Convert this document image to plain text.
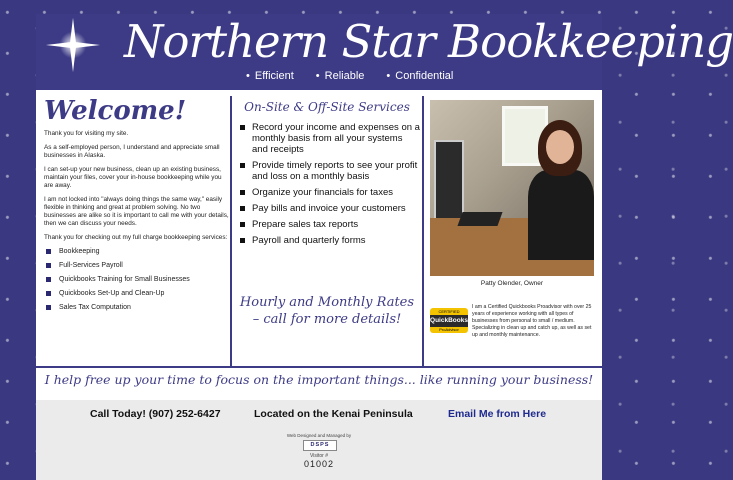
Northern Star Bookkeeping
• Efficient	• Reliable	• Confidential
Welcome!

Thank you for visiting my site.

As a self-employed person, I understand and appreciate small businesses in Alaska.

I can set-up your new business, clean up an existing business, maintain your files, cover your in-house bookkeeping while you are away.

I am not locked into "always doing things the same way," easily flexible in thinking and great at problem solving. No two businesses are alike so it is important to call me with your details, then we can discuss your needs.

Thank you for checking out my full charge bookkeeping services:

Bookkeeping
Full-Services Payroll
Quickbooks Training for Small Businesses
Quickbooks Set-Up and Clean-Up
Sales Tax Computation
On-Site & Off-Site Services
Record your income and expenses on a monthly basis from all your systems and receipts
Provide timely reports to see your profit and loss on a monthly basis
Organize your financials for taxes
Pay bills and invoice your customers
Prepare sales tax reports
Payroll and quarterly forms
Hourly and Monthly Rates
– call for more details!
Patty Olender, Owner
CERTIFIED
QuickBooks
ProAdvisor
I am a Certified Quickbooks Proadvisor with over 25 years of experience working with all types of businesses from personal to small / medium. Specializing in clean up and catch up, as well as set up and monthly maintenance.
I help free up your time to focus on the important things... like running your business!
Call Today! (907) 252-6427	Located on the Kenai Peninsula	Email Me from Here
Web Designed and Managed by
DSPS
Visitor #
01002
